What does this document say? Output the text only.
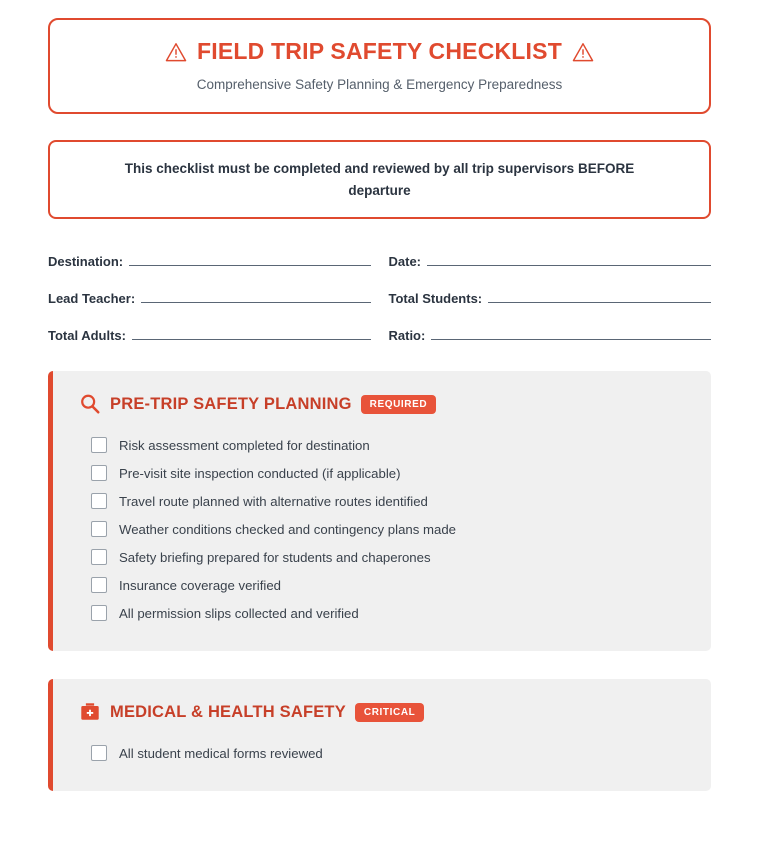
FIELD TRIP SAFETY CHECKLIST
Comprehensive Safety Planning & Emergency Preparedness
This checklist must be completed and reviewed by all trip supervisors BEFORE departure
Destination:	Date:
Lead Teacher:	Total Students:
Total Adults:	Ratio:
PRE-TRIP SAFETY PLANNING	REQUIRED
Risk assessment completed for destination
Pre-visit site inspection conducted (if applicable)
Travel route planned with alternative routes identified
Weather conditions checked and contingency plans made
Safety briefing prepared for students and chaperones
Insurance coverage verified
All permission slips collected and verified
MEDICAL & HEALTH SAFETY	CRITICAL
All student medical forms reviewed
